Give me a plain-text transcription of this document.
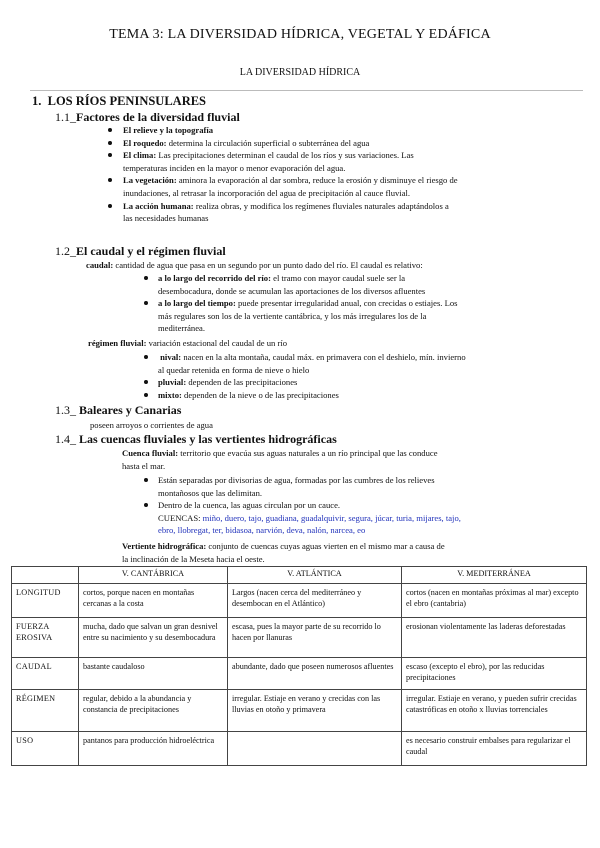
TEMA 3: LA DIVERSIDAD HÍDRICA, VEGETAL Y EDÁFICA
LA DIVERSIDAD HÍDRICA
1. LOS RÍOS PENINSULARES
1.1_Factores de la diversidad fluvial
El relieve y la topografía
El roquedo: determina la circulación superficial o subterránea del agua
El clima: Las precipitaciones determinan el caudal de los ríos y sus variaciones. Las
temperaturas inciden en la mayor o menor evaporación del agua.
La vegetación: aminora la evaporación al dar sombra, reduce la erosión y disminuye el riesgo de
inundaciones, al retrasar la incorporación del agua de precipitación al cauce fluvial.
La acción humana: realiza obras, y modifica los regímenes fluviales naturales adaptándolos a
las necesidades humanas
1.2_El caudal y el régimen fluvial
caudal: cantidad de agua que pasa en un segundo por un punto dado del río. El caudal es relativo:
a lo largo del recorrido del río: el tramo con mayor caudal suele ser la
desembocadura, donde se acumulan las aportaciones de los diversos afluentes
a lo largo del tiempo: puede presentar irregularidad anual, con crecidas o estiajes. Los
más regulares son los de la vertiente cantábrica, y los más irregulares los de la
mediterránea.
régimen fluvial: variación estacional del caudal de un río
nival: nacen en la alta montaña, caudal máx. en primavera con el deshielo, mín. invierno
al quedar retenida en forma de nieve o hielo
pluvial: dependen de las precipitaciones
mixto: dependen de la nieve o de las precipitaciones
1.3_ Baleares y Canarias
poseen arroyos o corrientes de agua
1.4_ Las cuencas fluviales y las vertientes hidrográficas
Cuenca fluvial: territorio que evacúa sus aguas naturales a un río principal que las conduce
hasta el mar.
Están separadas por divisorias de agua, formadas por las cumbres de los relieves
montañosos que las delimitan.
Dentro de la cuenca, las aguas circulan por un cauce.
CUENCAS: miño, duero, tajo, guadiana, guadalquivir, segura, júcar, turia, mijares, tajo,
ebro, llobregat, ter, bidasoa, narvión, deva, nalón, narcea, eo
Vertiente hidrográfica: conjunto de cuencas cuyas aguas vierten en el mismo mar a causa de
la inclinación de la Meseta hacia el oeste.
	V. CANTÁBRICA	V. ATLÁNTICA	V. MEDITERRÁNEA
LONGITUD	cortos, porque nacen en montañas cercanas a la costa	Largos (nacen cerca del mediterráneo y desembocan en el Atlántico)	cortos (nacen en montañas próximas al mar) excepto el ebro (cantabria)
FUERZA
EROSIVA	mucha, dado que salvan un gran desnivel entre su nacimiento y su desembocadura	escasa, pues la mayor parte de su recorrido lo hacen por llanuras	erosionan violentamente las laderas deforestadas
CAUDAL	bastante caudaloso	abundante, dado que poseen numerosos afluentes	escaso (excepto el ebro), por las reducidas precipitaciones
RÉGIMEN	regular, debido a la abundancia y constancia de precipitaciones	irregular. Estiaje en verano y crecidas con las lluvias en otoño y primavera	irregular. Estiaje en verano, y pueden sufrir crecidas catastróficas en otoño x lluvias torrenciales
USO	pantanos para producción hidroeléctrica		es necesario construir embalses para regularizar el caudal
